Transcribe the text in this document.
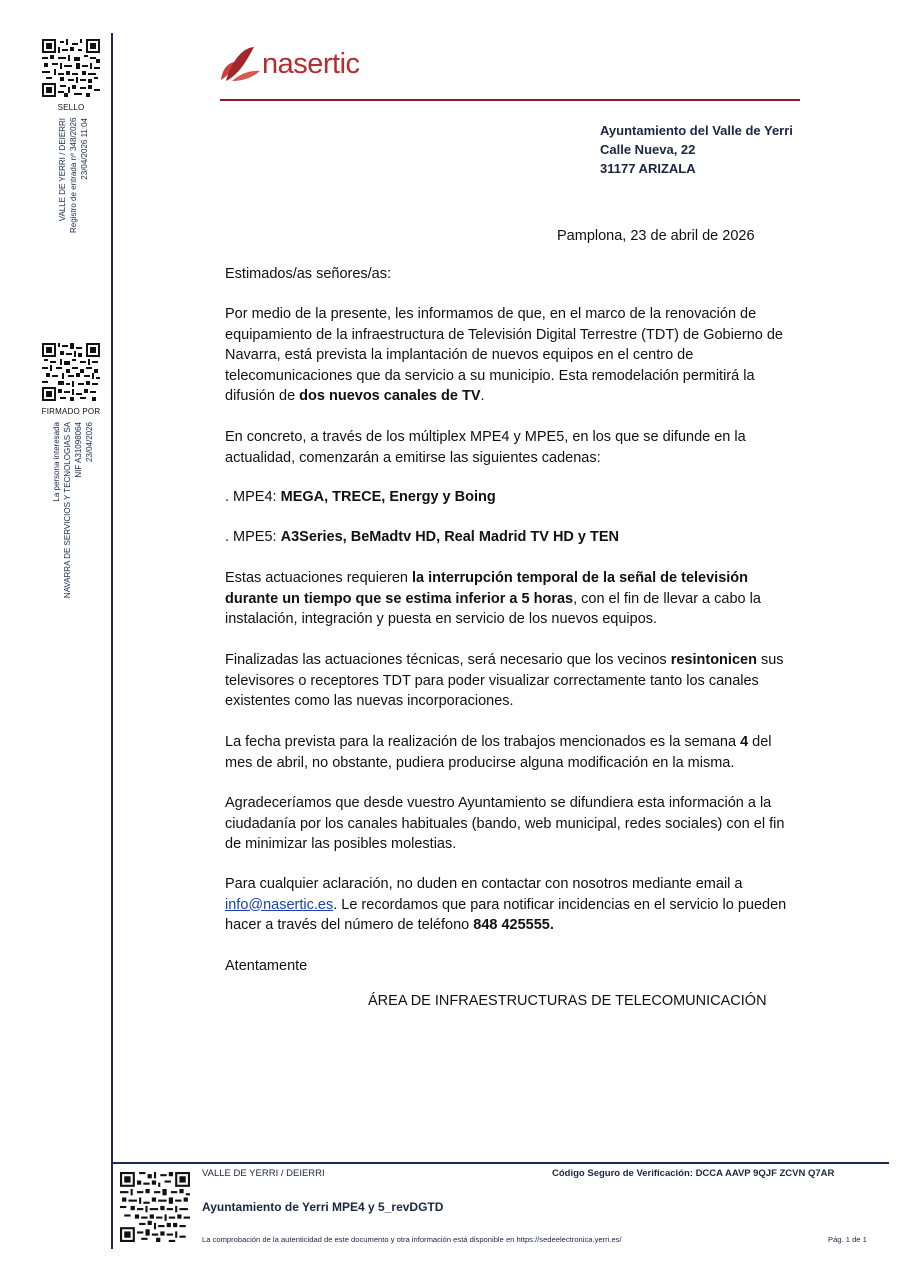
SELLO
VALLE DE YERRI / DEIERRI Registro de entrada nº 348/2026 23/04/2026 11:04
FIRMADO POR
La persona interesada NAVARRA DE SERVICIOS Y TECNOLOGIAS SA NIF A31098064 23/04/2026
nasertic
Ayuntamiento del Valle de Yerri
Calle Nueva, 22
31177 ARIZALA
Pamplona, 23 de abril de 2026

Estimados/as señores/as:

Por medio de la presente, les informamos de que, en el marco de la renovación de equipamiento de la infraestructura de Televisión Digital Terrestre (TDT) de Gobierno de Navarra, está prevista la implantación de nuevos equipos en el centro de telecomunicaciones que da servicio a su municipio. Esta remodelación permitirá la difusión de dos nuevos canales de TV.

En concreto, a través de los múltiplex MPE4 y MPE5, en los que se difunde en la actualidad, comenzarán a emitirse las siguientes cadenas:

. MPE4: MEGA, TRECE, Energy y Boing

. MPE5: A3Series, BeMadtv HD, Real Madrid TV HD y TEN

Estas actuaciones requieren la interrupción temporal de la señal de televisión durante un tiempo que se estima inferior a 5 horas, con el fin de llevar a cabo la instalación, integración y puesta en servicio de los nuevos equipos.

Finalizadas las actuaciones técnicas, será necesario que los vecinos resintonicen sus televisores o receptores TDT para poder visualizar correctamente tanto los canales existentes como las nuevas incorporaciones.

La fecha prevista para la realización de los trabajos mencionados es la semana 4 del mes de abril, no obstante, pudiera producirse alguna modificación en la misma.

Agradeceríamos que desde vuestro Ayuntamiento se difundiera esta información a la ciudadanía por los canales habituales (bando, web municipal, redes sociales) con el fin de minimizar las posibles molestias.

Para cualquier aclaración, no duden en contactar con nosotros mediante email a info@nasertic.es. Le recordamos que para notificar incidencias en el servicio lo pueden hacer a través del número de teléfono 848 425555.

Atentamente

ÁREA DE INFRAESTRUCTURAS DE TELECOMUNICACIÓN
VALLE DE YERRI / DEIERRI	Código Seguro de Verificación: DCCA AAVP 9QJF ZCVN Q7AR
Ayuntamiento de Yerri MPE4 y 5_revDGTD
La comprobación de la autenticidad de este documento y otra información está disponible en https://sedeelectronica.yerri.es/	Pág. 1 de 1
